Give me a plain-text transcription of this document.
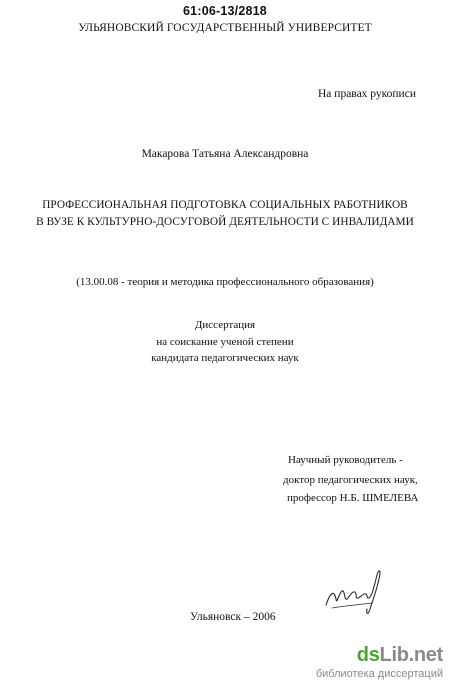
61:06-13/2818
УЛЬЯНОВСКИЙ ГОСУДАРСТВЕННЫЙ УНИВЕРСИТЕТ
На правах рукописи
Макарова Татьяна Александровна
ПРОФЕССИОНАЛЬНАЯ ПОДГОТОВКА СОЦИАЛЬНЫХ РАБОТНИКОВ
В ВУЗЕ К КУЛЬТУРНО-ДОСУГОВОЙ ДЕЯТЕЛЬНОСТИ С ИНВАЛИДАМИ
(13.00.08 - теория и методика профессионального образования)
Диссертация
на соискание ученой степени
кандидата педагогических наук
Научный руководитель -
доктор педагогических наук,
профессор Н.Б. ШМЕЛЕВА
Ульяновск – 2006
dsLib.net
библиотека диссертаций
